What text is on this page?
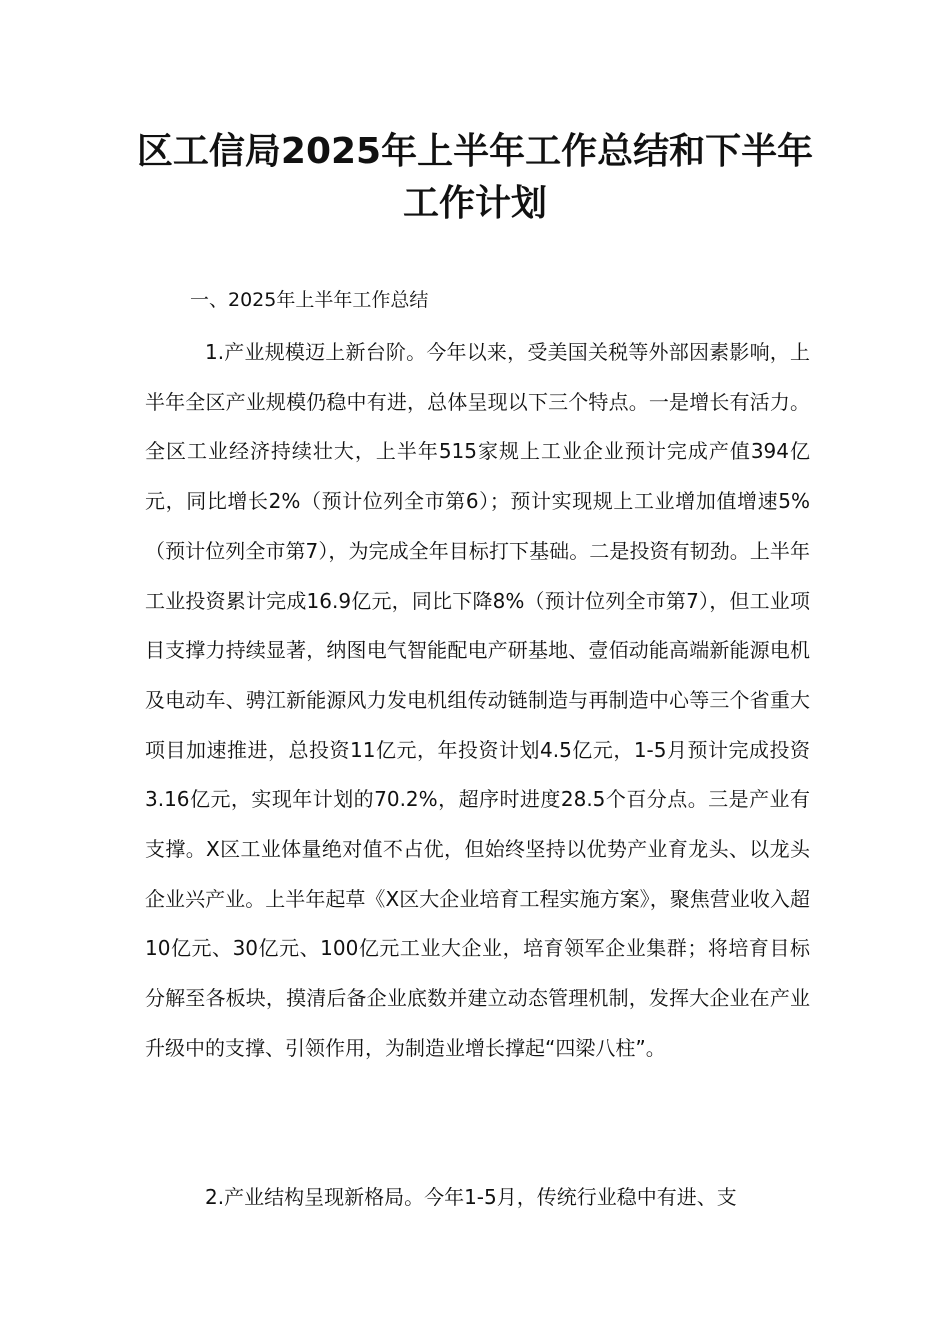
区工信局2025年上半年工作总结和下半年工作计划

一、2025年上半年工作总结

1.产业规模迈上新台阶。今年以来，受美国关税等外部因素影响，上半年全区产业规模仍稳中有进，总体呈现以下三个特点。一是增长有活力。全区工业经济持续壮大，上半年515家规上工业企业预计完成产值394亿元，同比增长2%（预计位列全市第6）；预计实现规上工业增加值增速5%（预计位列全市第7），为完成全年目标打下基础。二是投资有韧劲。上半年工业投资累计完成16.9亿元，同比下降8%（预计位列全市第7），但工业项目支撑力持续显著，纳图电气智能配电产研基地、壹佰动能高端新能源电机及电动车、骋江新能源风力发电机组传动链制造与再制造中心等三个省重大项目加速推进，总投资11亿元，年投资计划4.5亿元，1-5月预计完成投资3.16亿元，实现年计划的70.2%，超序时进度28.5个百分点。三是产业有支撑。X区工业体量绝对值不占优，但始终坚持以优势产业育龙头、以龙头企业兴产业。上半年起草《X区大企业培育工程实施方案》，聚焦营业收入超10亿元、30亿元、100亿元工业大企业，培育领军企业集群；将培育目标分解至各板块，摸清后备企业底数并建立动态管理机制，发挥大企业在产业升级中的支撑、引领作用，为制造业增长撑起“四梁八柱”。

2.产业结构呈现新格局。今年1-5月，传统行业稳中有进、支
